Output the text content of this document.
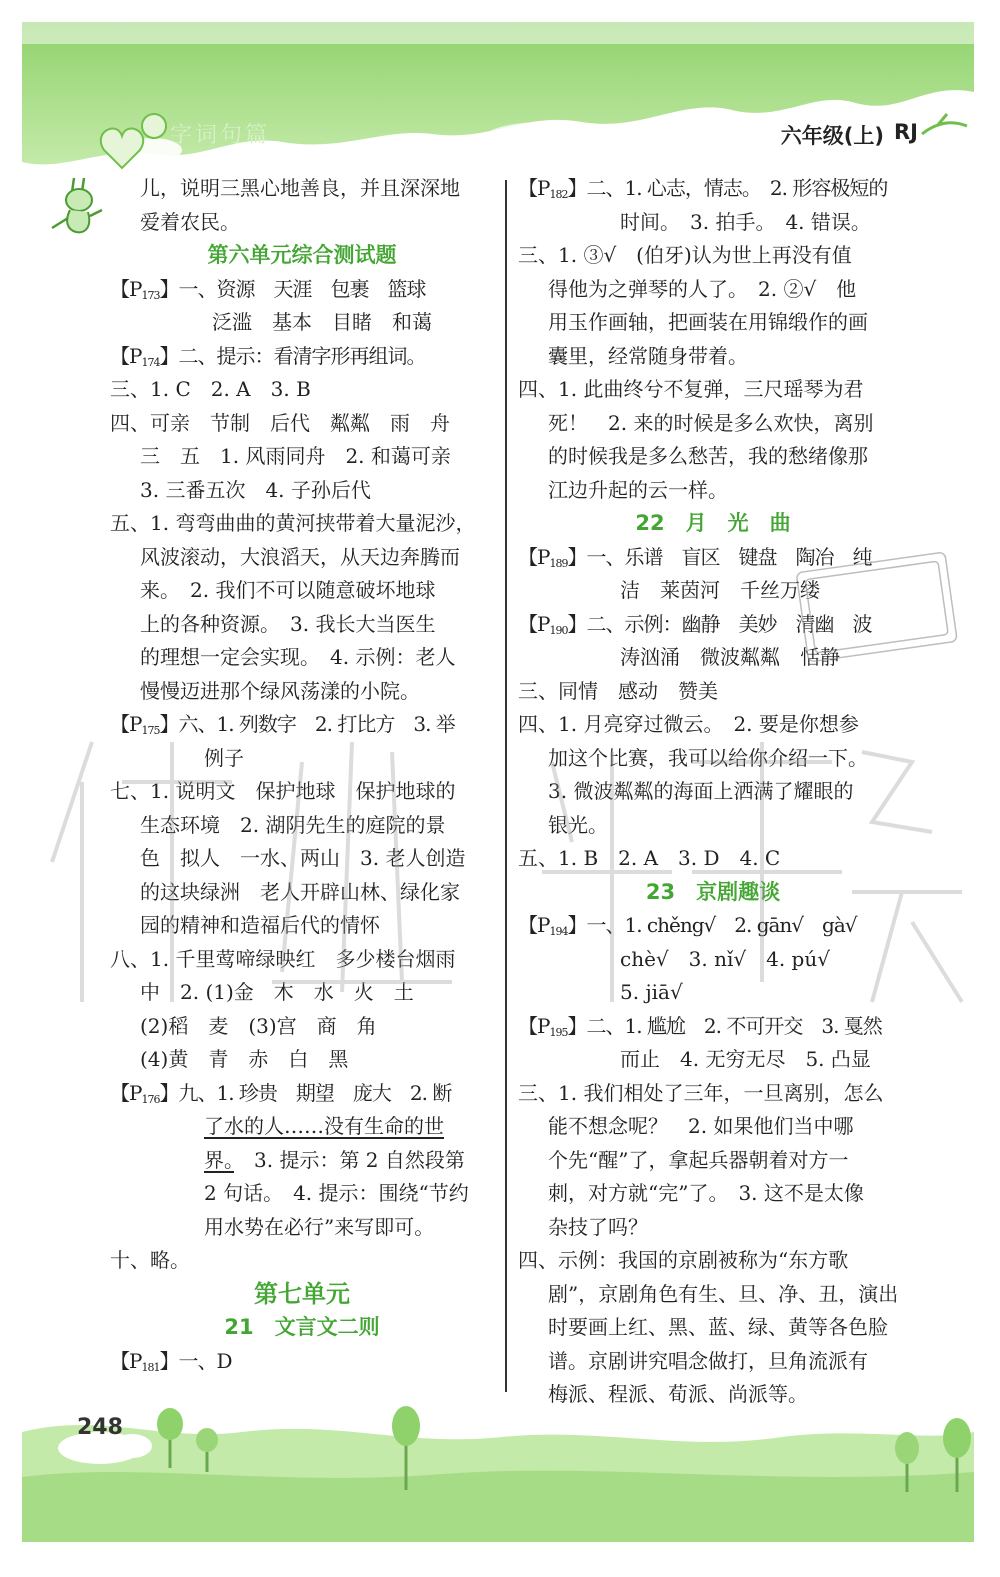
字词句篇	六年级(上) RJ
儿，说明三黑心地善良，并且深深地
爱着农民。
第六单元综合测试题
【$P_{173}$】一、资源　天涯　包裹　篮球
泛滥　基本　目睹　和蔼
【$P_{174}$】二、提示：看清字形再组词。
三、1. C　2. A　3. B
四、可亲　节制　后代　粼粼　雨　舟
三　五　1. 风雨同舟　2. 和蔼可亲
3. 三番五次　4. 子孙后代
五、1. 弯弯曲曲的黄河挟带着大量泥沙，
风波滚动，大浪滔天，从天边奔腾而
来。　2. 我们不可以随意破坏地球
上的各种资源。　3. 我长大当医生
的理想一定会实现。　4. 示例：老人
慢慢迈进那个绿风荡漾的小院。
【$P_{175}$】六、1. 列数字　2. 打比方　3. 举
例子
七、1. 说明文　保护地球　保护地球的
生态环境　2. 湖阴先生的庭院的景
色　拟人　一水、两山　3. 老人创造
的这块绿洲　老人开辟山林、绿化家
园的精神和造福后代的情怀
八、1. 千里莺啼绿映红　多少楼台烟雨
中　2. (1)金　木　水　火　土
(2)稻　麦　(3)宫　商　角
(4)黄　青　赤　白　黑
【$P_{176}$】九、1. 珍贵　期望　庞大　2. 断
了水的人……没有生命的世
界。　3. 提示：第 2 自然段第
2 句话。　4. 提示：围绕“节约
用水势在必行”来写即可。
十、略。
第七单元
21　文言文二则
【$P_{181}$】一、D
【$P_{182}$】二、1. 心志，情志。　2. 形容极短的
时间。　3. 拍手。　4. 错误。
三、1. ③√　(伯牙)认为世上再没有值
得他为之弹琴的人了。　2. ②√　他
用玉作画轴，把画装在用锦缎作的画
囊里，经常随身带着。
四、1. 此曲终兮不复弹，三尺瑶琴为君
死！　2. 来的时候是多么欢快，离别
的时候我是多么愁苦，我的愁绪像那
江边升起的云一样。
22　月　光　曲
【$P_{189}$】一、乐谱　盲区　键盘　陶冶　纯
洁　莱茵河　千丝万缕
【$P_{190}$】二、示例：幽静　美妙　清幽　波
涛汹涌　微波粼粼　恬静
三、同情　感动　赞美
四、1. 月亮穿过微云。　2. 要是你想参
加这个比赛，我可以给你介绍一下。
3. 微波粼粼的海面上洒满了耀眼的
银光。
五、1. B　2. A　3. D　4. C
23　京剧趣谈
【$P_{194}$】一、1. chěng√　2. gān√　gà√
chè√　3. nǐ√　4. pú√
5. jiā√
【$P_{195}$】二、1. 尴尬　2. 不可开交　3. 戛然
而止　4. 无穷无尽　5. 凸显
三、1. 我们相处了三年，一旦离别，怎么
能不想念呢？　2. 如果他们当中哪
个先“醒”了，拿起兵器朝着对方一
刺，对方就“完”了。　3. 这不是太像
杂技了吗？
四、示例：我国的京剧被称为“东方歌
剧”，京剧角色有生、旦、净、丑，演出
时要画上红、黑、蓝、绿、黄等各色脸
谱。京剧讲究唱念做打，旦角流派有
梅派、程派、荀派、尚派等。
248
